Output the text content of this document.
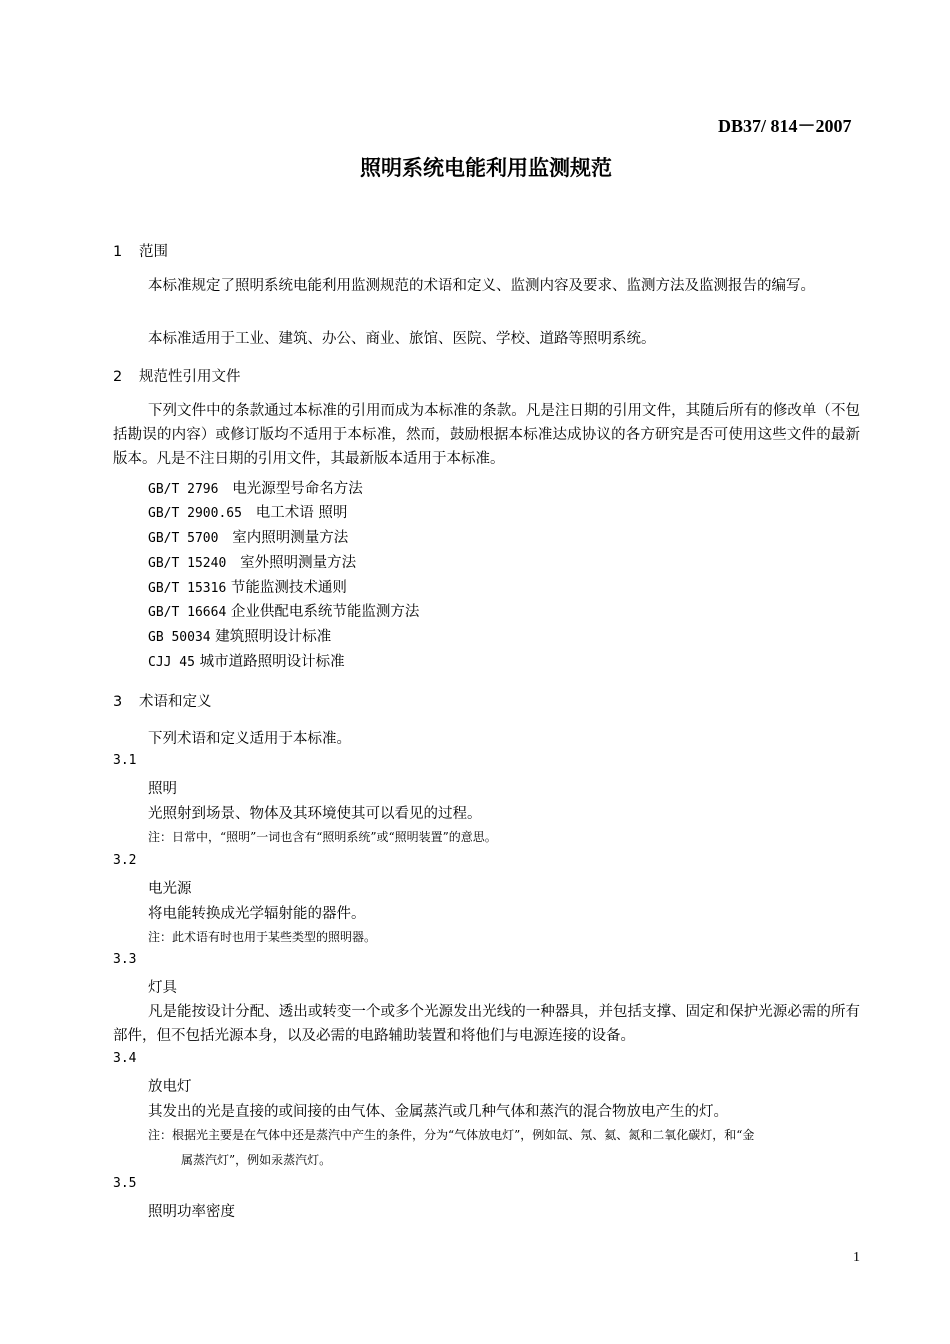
DB37/ 814－2007
照明系统电能利用监测规范
1 范围
本标准规定了照明系统电能利用监测规范的术语和定义、监测内容及要求、监测方法及监测报告的编写。
本标准适用于工业、建筑、办公、商业、旅馆、医院、学校、道路等照明系统。
2 规范性引用文件
下列文件中的条款通过本标准的引用而成为本标准的条款。凡是注日期的引用文件，其随后所有的修改单（不包括勘误的内容）或修订版均不适用于本标准，然而，鼓励根据本标准达成协议的各方研究是否可使用这些文件的最新版本。凡是不注日期的引用文件，其最新版本适用于本标准。
GB/T 2796 电光源型号命名方法
GB/T 2900.65 电工术语 照明
GB/T 5700 室内照明测量方法
GB/T 15240 室外照明测量方法
GB/T 15316 节能监测技术通则
GB/T 16664 企业供配电系统节能监测方法
GB 50034 建筑照明设计标准
CJJ 45 城市道路照明设计标准
3 术语和定义
下列术语和定义适用于本标准。
3.1
照明
光照射到场景、物体及其环境使其可以看见的过程。
注：日常中，“照明”一词也含有“照明系统”或“照明装置”的意思。
3.2
电光源
将电能转换成光学辐射能的器件。
注：此术语有时也用于某些类型的照明器。
3.3
灯具
凡是能按设计分配、透出或转变一个或多个光源发出光线的一种器具，并包括支撑、固定和保护光源必需的所有部件，但不包括光源本身，以及必需的电路辅助装置和将他们与电源连接的设备。
3.4
放电灯
其发出的光是直接的或间接的由气体、金属蒸汽或几种气体和蒸汽的混合物放电产生的灯。
注：根据光主要是在气体中还是蒸汽中产生的条件，分为“气体放电灯”，例如氙、氖、氦、氮和二氧化碳灯，和“金
属蒸汽灯”，例如汞蒸汽灯。
3.5
照明功率密度
1
